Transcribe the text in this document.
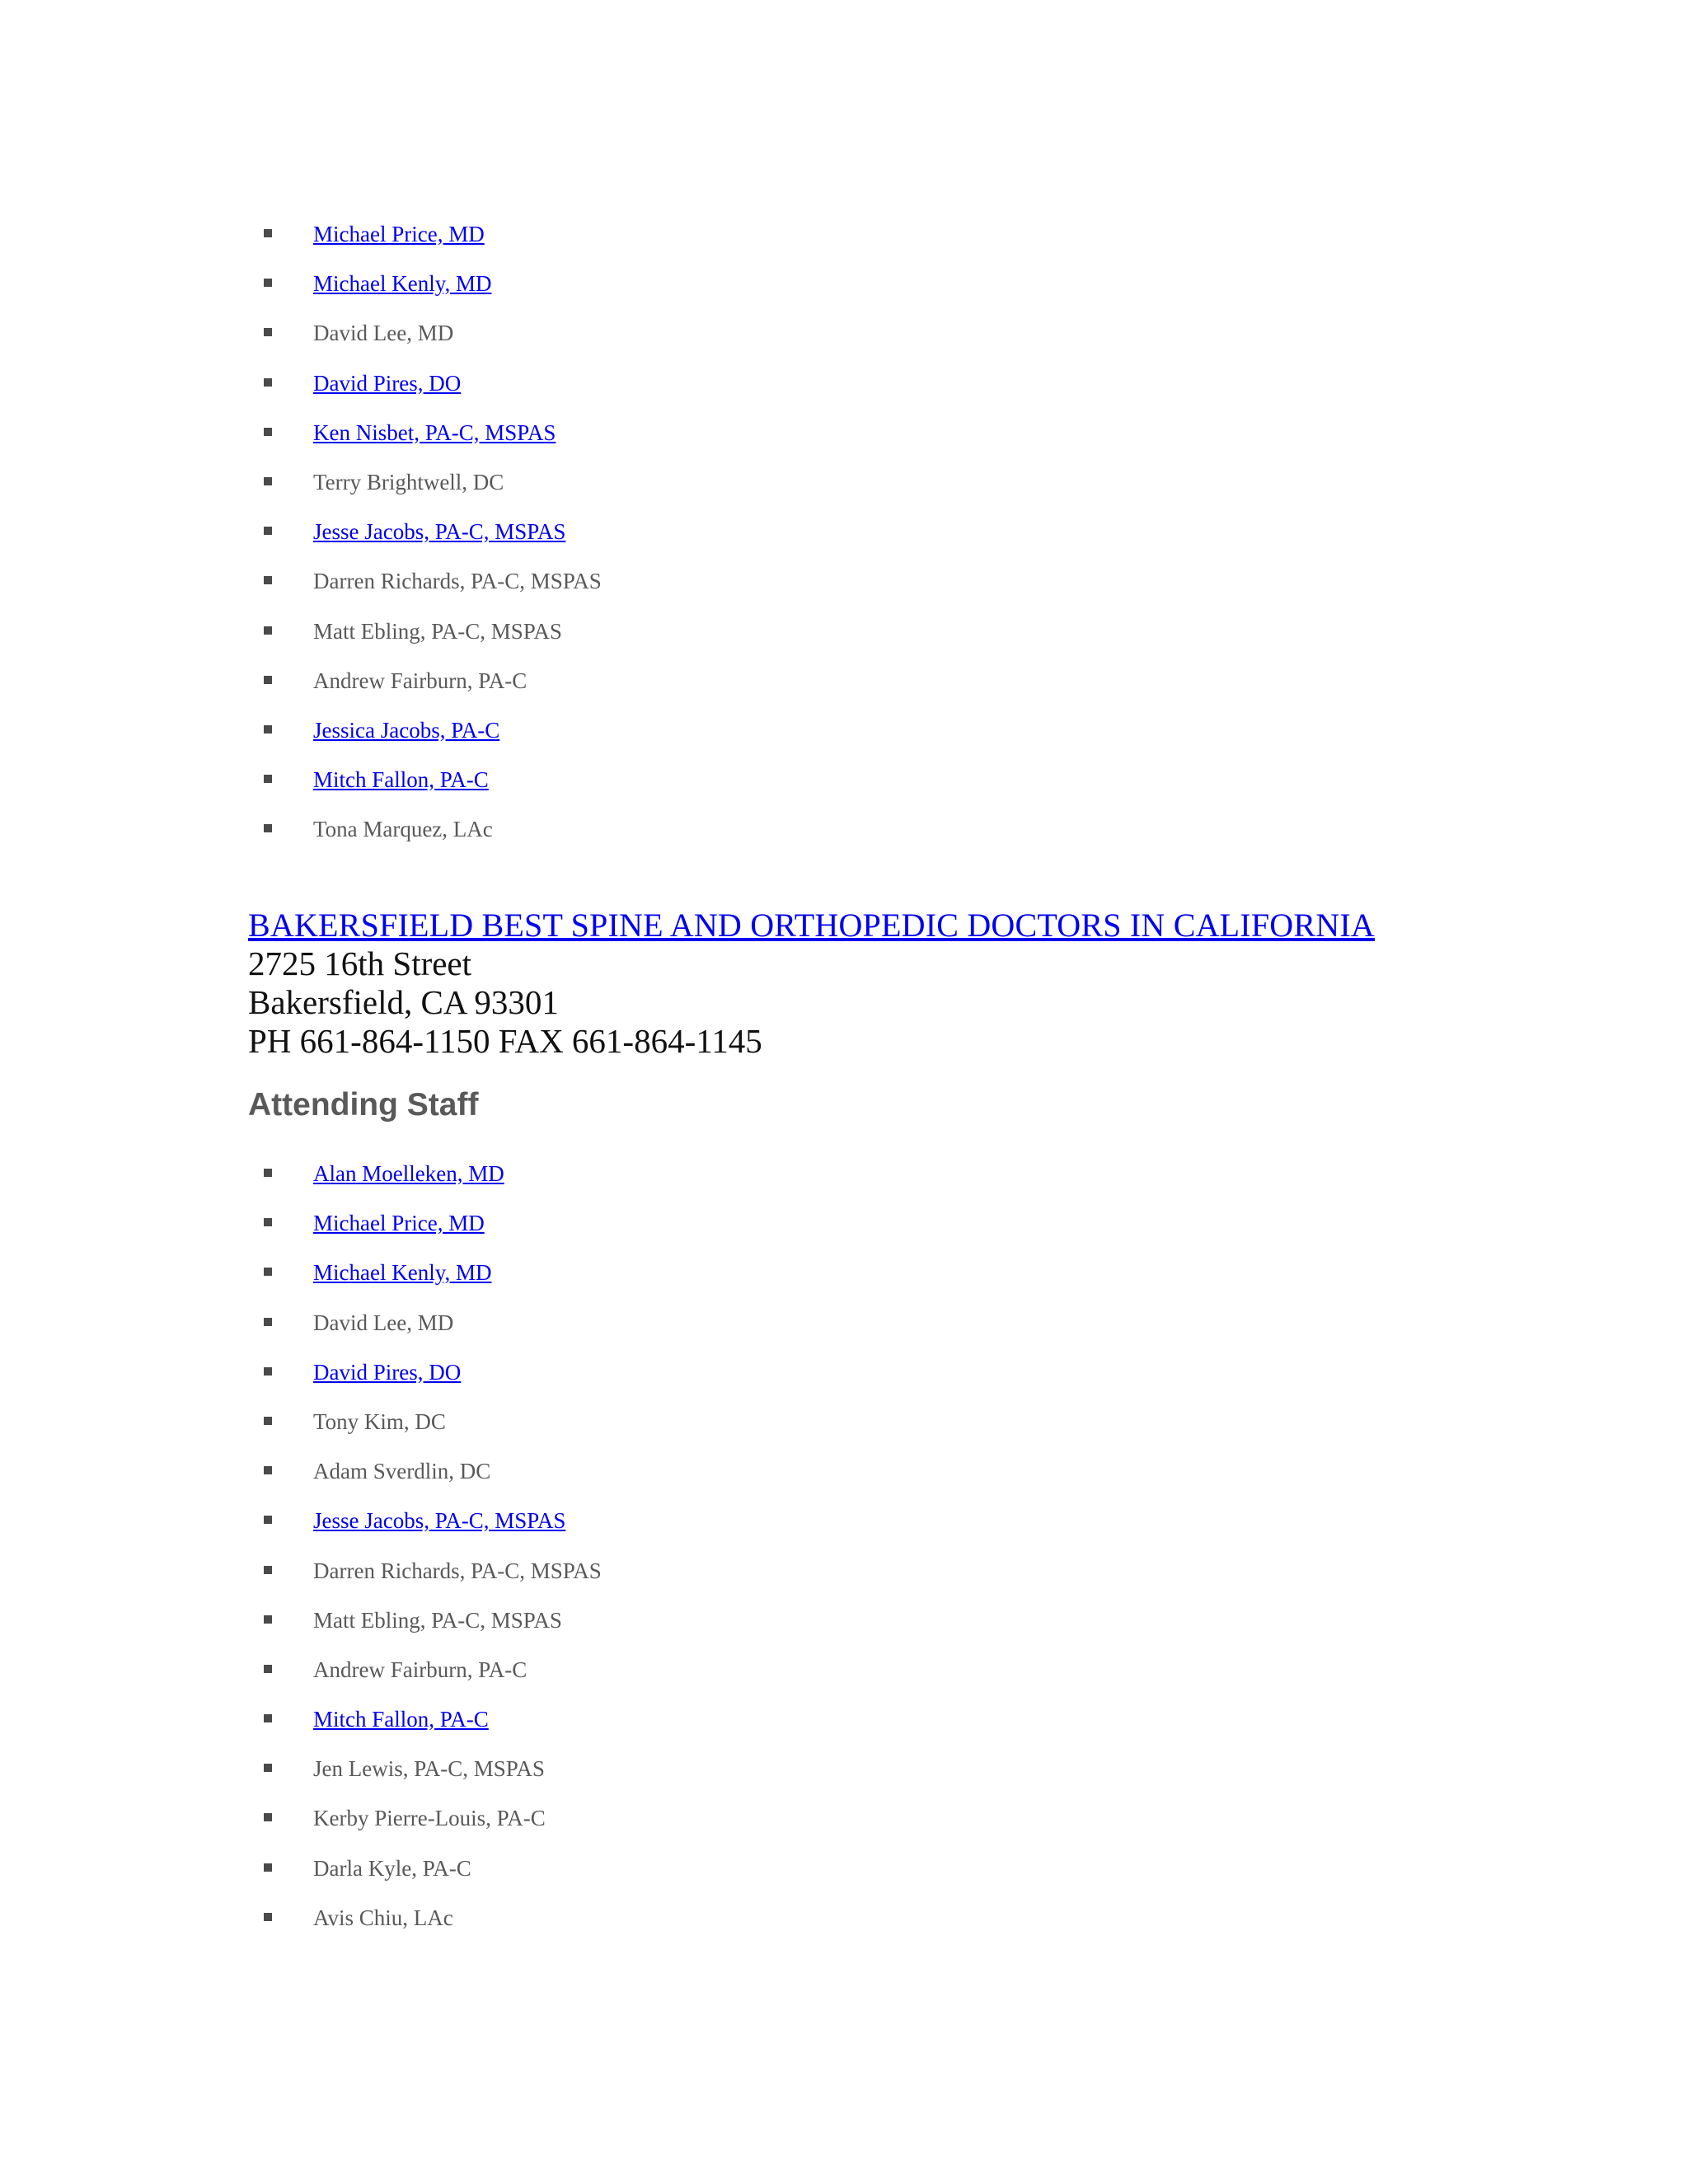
Michael Price, MD
Michael Kenly, MD
David Lee, MD
David Pires, DO
Ken Nisbet, PA-C, MSPAS
Terry Brightwell, DC
Jesse Jacobs, PA-C, MSPAS
Darren Richards, PA-C, MSPAS
Matt Ebling, PA-C, MSPAS
Andrew Fairburn, PA-C
Jessica Jacobs, PA-C
Mitch Fallon, PA-C
Tona Marquez, LAc
BAKERSFIELD BEST SPINE AND ORTHOPEDIC DOCTORS IN CALIFORNIA
2725 16th Street
Bakersfield, CA 93301
PH 661-864-1150 FAX 661-864-1145
Attending Staff
Alan Moelleken, MD
Michael Price, MD
Michael Kenly, MD
David Lee, MD
David Pires, DO
Tony Kim, DC
Adam Sverdlin, DC
Jesse Jacobs, PA-C, MSPAS
Darren Richards, PA-C, MSPAS
Matt Ebling, PA-C, MSPAS
Andrew Fairburn, PA-C
Mitch Fallon, PA-C
Jen Lewis, PA-C, MSPAS
Kerby Pierre-Louis, PA-C
Darla Kyle, PA-C
Avis Chiu, LAc
